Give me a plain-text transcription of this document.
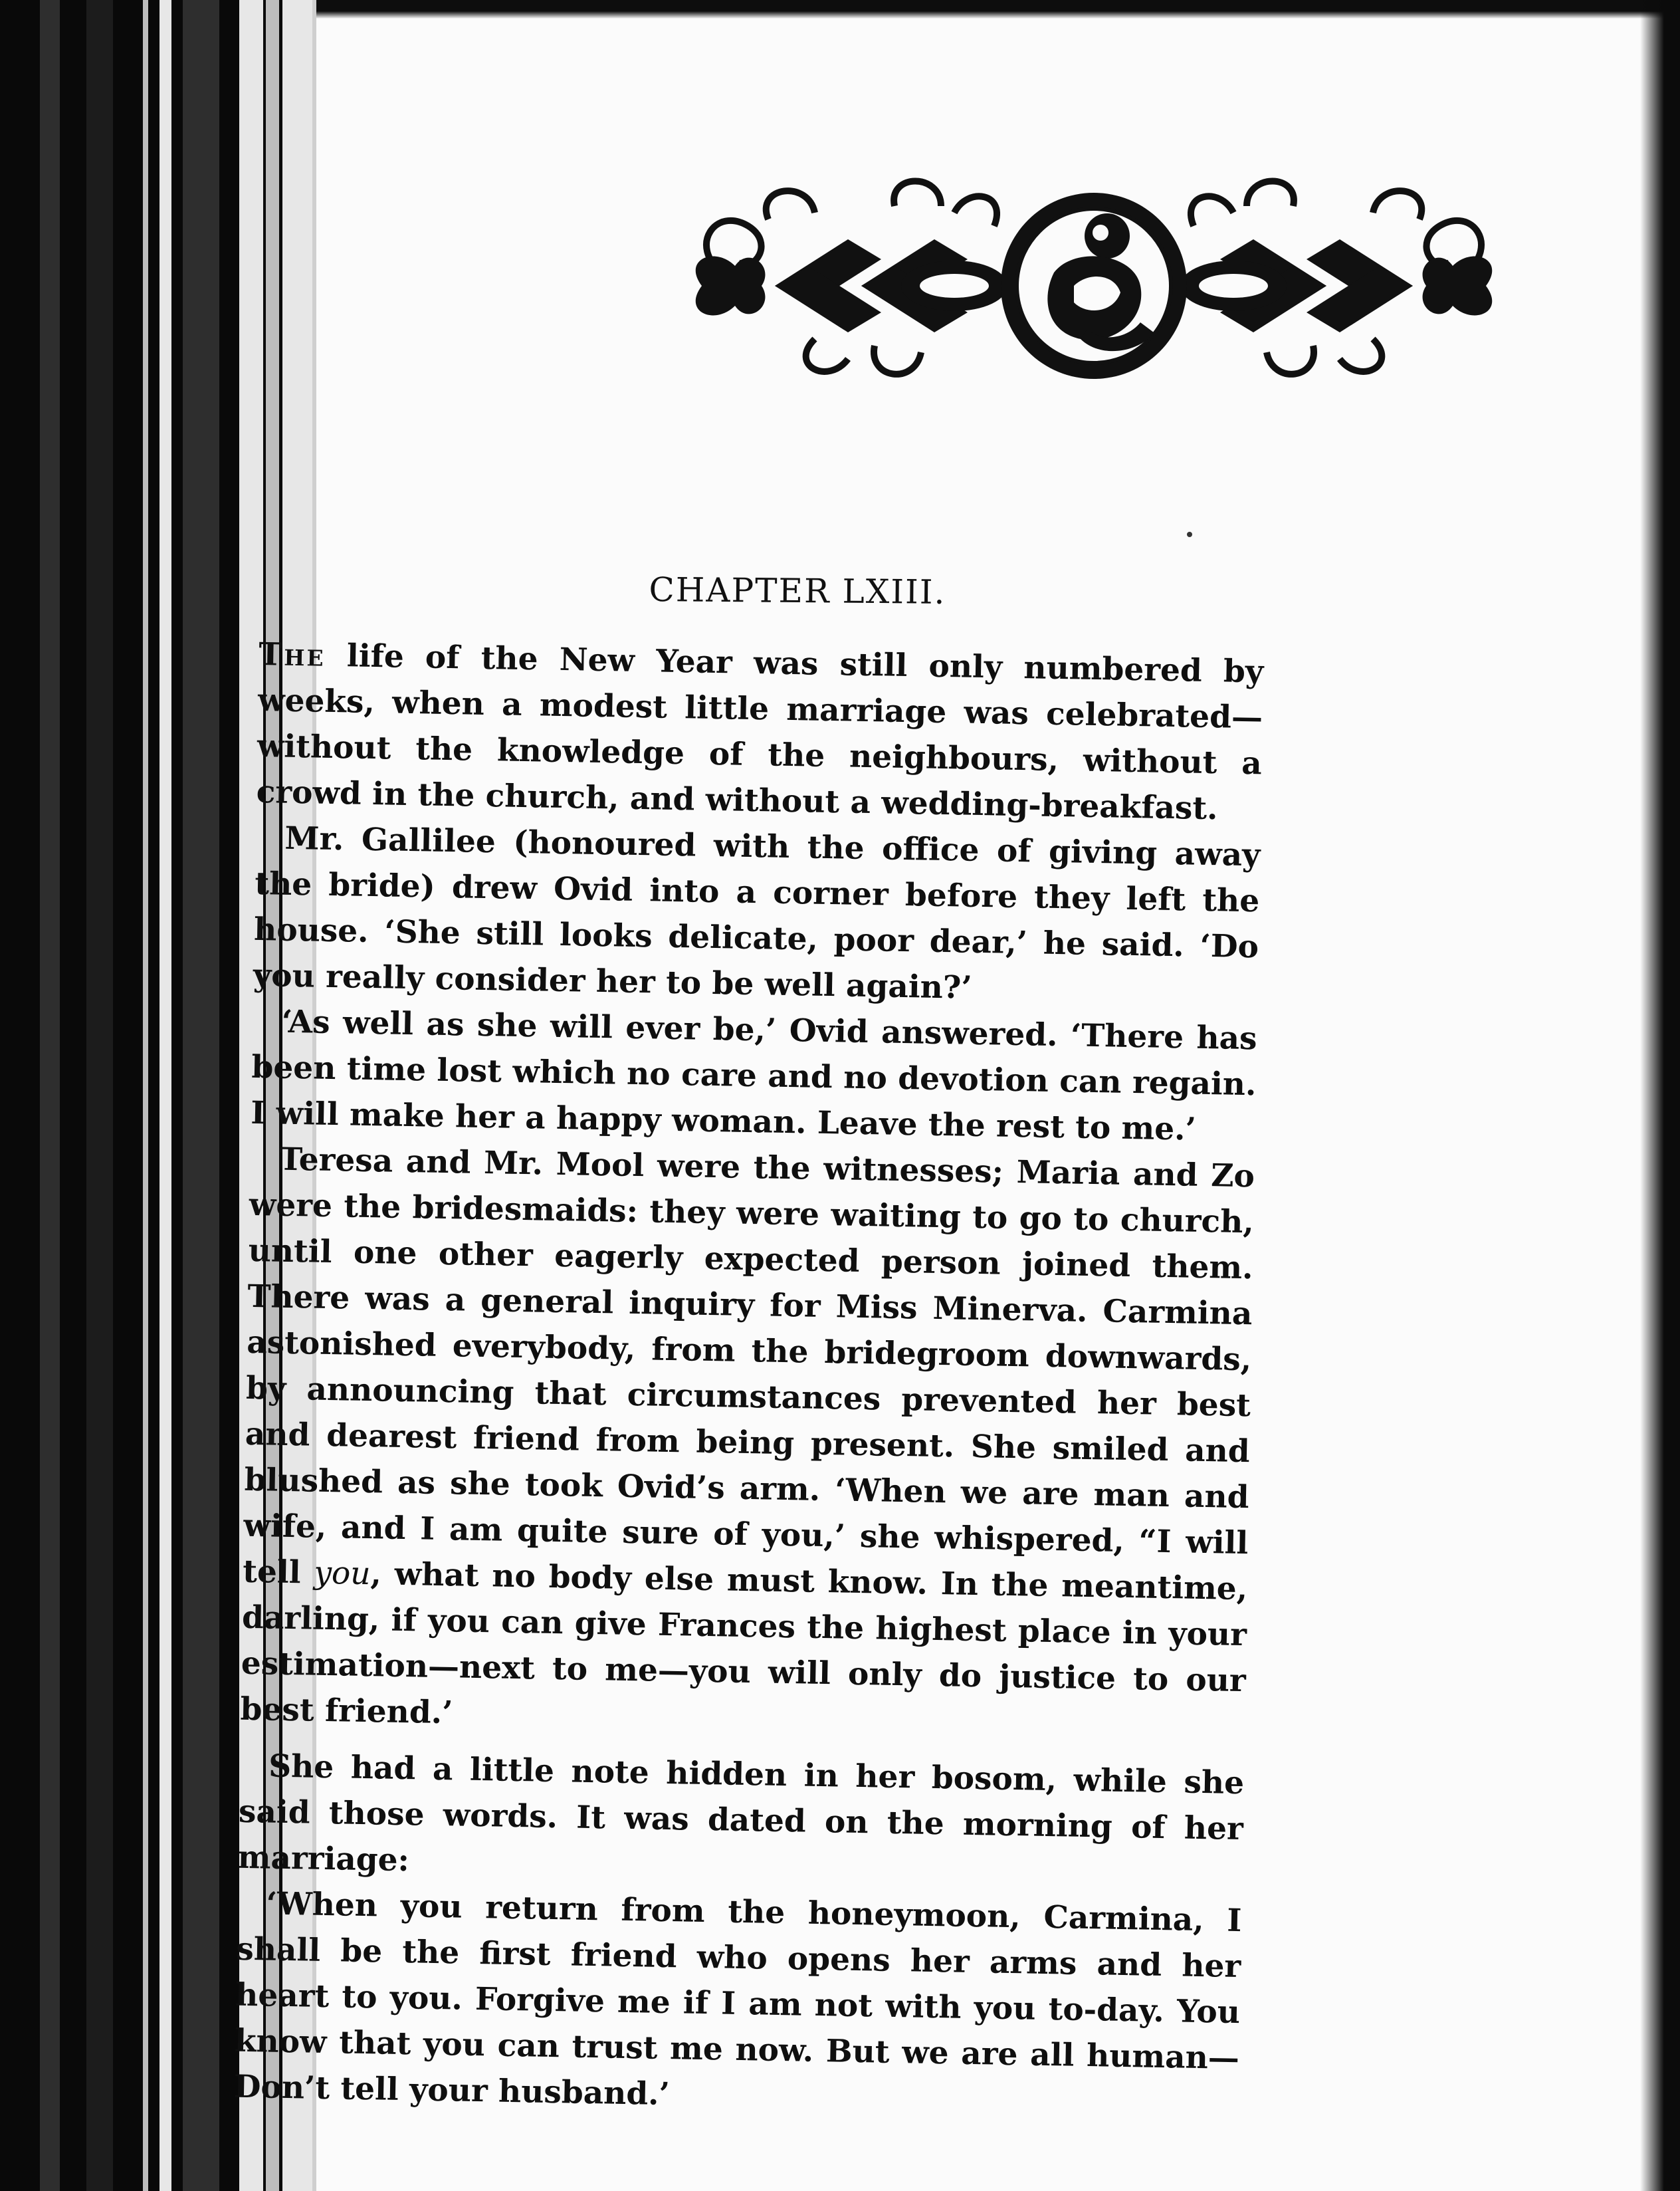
CHAPTER LXIII.

The life of the New Year was still only numbered by weeks, when a modest little marriage was celebrated—without the knowledge of the neighbours, without a crowd in the church, and without a wedding-breakfast.

Mr. Gallilee (honoured with the office of giving away the bride) drew Ovid into a corner before they left the house. ‘She still looks delicate, poor dear,’ he said. ‘Do you really consider her to be well again?’

‘As well as she will ever be,’ Ovid answered. ‘There has been time lost which no care and no devotion can regain. I will make her a happy woman. Leave the rest to me.’

Teresa and Mr. Mool were the witnesses; Maria and Zo were the bridesmaids: they were waiting to go to church, until one other eagerly expected person joined them. There was a general inquiry for Miss Minerva. Carmina astonished everybody, from the bridegroom downwards, by announcing that circumstances prevented her best and dearest friend from being present. She smiled and blushed as she took Ovid’s arm. ‘When we are man and wife, and I am quite sure of you,’ she whispered, “I will tell you, what no body else must know. In the meantime, darling, if you can give Frances the highest place in your estimation—next to me—you will only do justice to our best friend.’

She had a little note hidden in her bosom, while she said those words. It was dated on the morning of her marriage:

‘When you return from the honeymoon, Carmina, I shall be the first friend who opens her arms and her heart to you. Forgive me if I am not with you to-day. You know that you can trust me now. But we are all human—Don’t tell your husband.’
